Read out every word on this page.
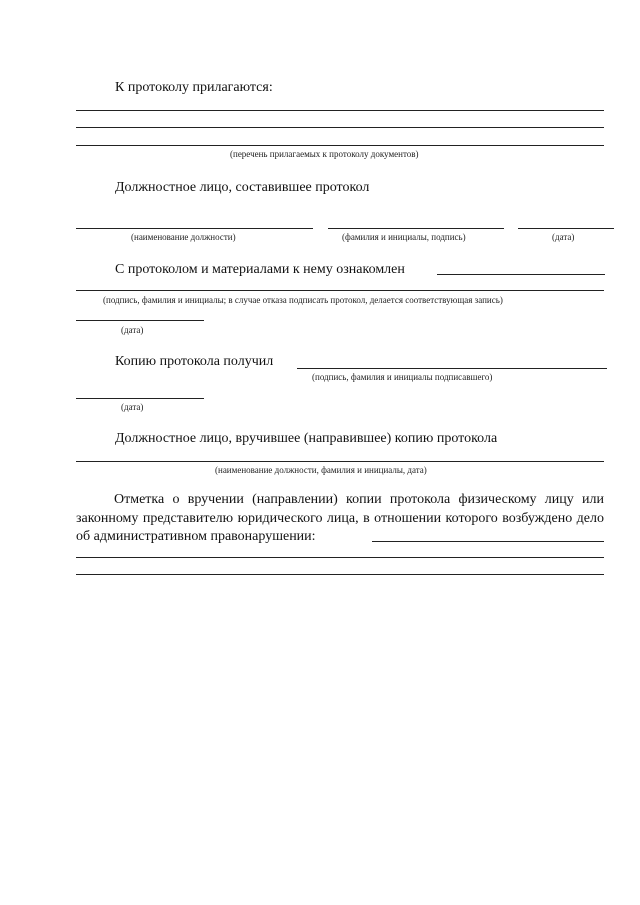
К протоколу прилагаются:
(перечень прилагаемых к протоколу документов)
Должностное лицо, составившее протокол
(наименование должности)	(фамилия и инициалы, подпись)	(дата)
С протоколом и материалами к нему ознакомлен
(подпись, фамилия и инициалы; в случае отказа подписать протокол, делается соответствующая запись)
(дата)
Копию протокола получил
(подпись, фамилия и инициалы подписавшего)
(дата)
Должностное лицо, вручившее (направившее) копию протокола
(наименование должности, фамилия и инициалы, дата)
Отметка о вручении (направлении) копии протокола физическому лицу или законному представителю юридического лица, в отношении которого возбуждено дело об административном правонарушении:
